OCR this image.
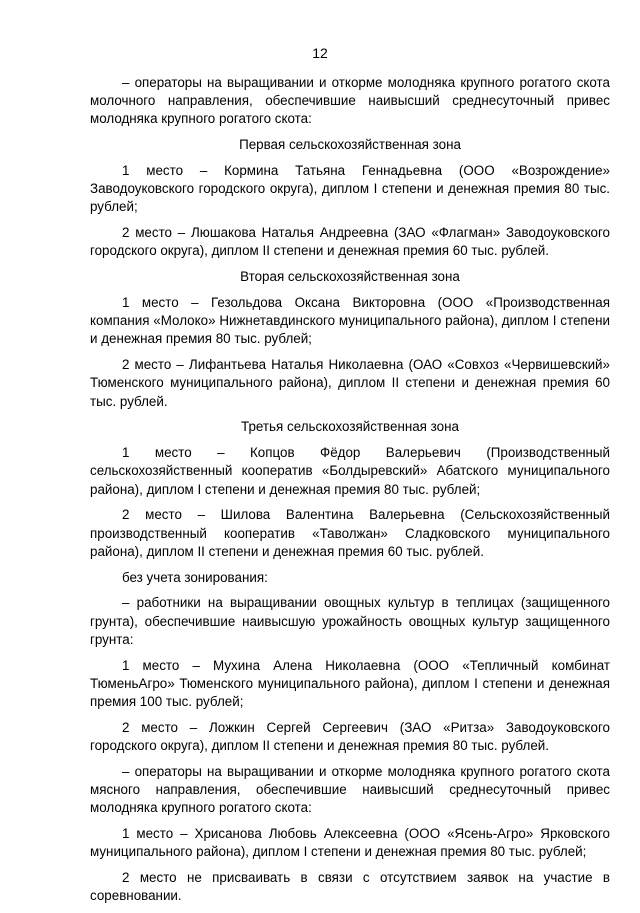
12
– операторы на выращивании и откорме молодняка крупного рогатого скота молочного направления, обеспечившие наивысший среднесуточный привес молодняка крупного рогатого скота:
Первая сельскохозяйственная зона
1 место – Кормина Татьяна Геннадьевна (ООО «Возрождение» Заводоуковского городского округа), диплом I степени и денежная премия 80 тыс. рублей;
2 место – Люшакова Наталья Андреевна (ЗАО «Флагман» Заводоуковского городского округа), диплом II степени и денежная премия 60 тыс. рублей.
Вторая сельскохозяйственная зона
1 место – Гезольдова Оксана Викторовна (ООО «Производственная компания «Молоко» Нижнетавдинского муниципального района), диплом I степени и денежная премия 80 тыс. рублей;
2 место – Лифантьева Наталья Николаевна (ОАО «Совхоз «Червишевский» Тюменского муниципального района), диплом II степени и денежная премия 60 тыс. рублей.
Третья сельскохозяйственная зона
1 место – Копцов Фёдор Валерьевич (Производственный сельскохозяйственный кооператив «Болдыревский» Абатского муниципального района), диплом I степени и денежная премия 80 тыс. рублей;
2 место – Шилова Валентина Валерьевна (Сельскохозяйственный производственный кооператив «Таволжан» Сладковского муниципального района), диплом II степени и денежная премия 60 тыс. рублей.
без учета зонирования:
– работники на выращивании овощных культур в теплицах (защищенного грунта), обеспечившие наивысшую урожайность овощных культур защищенного грунта:
1 место – Мухина Алена Николаевна (ООО «Тепличный комбинат ТюменьАгро» Тюменского муниципального района), диплом I степени и денежная премия 100 тыс. рублей;
2 место – Ложкин Сергей Сергеевич (ЗАО «Ритза» Заводоуковского городского округа), диплом II степени и денежная премия 80 тыс. рублей.
– операторы на выращивании и откорме молодняка крупного рогатого скота мясного направления, обеспечившие наивысший среднесуточный привес молодняка крупного рогатого скота:
1 место – Хрисанова Любовь Алексеевна (ООО «Ясень-Агро» Ярковского муниципального района), диплом I степени и денежная премия 80 тыс. рублей;
2 место не присваивать в связи с отсутствием заявок на участие в соревновании.
